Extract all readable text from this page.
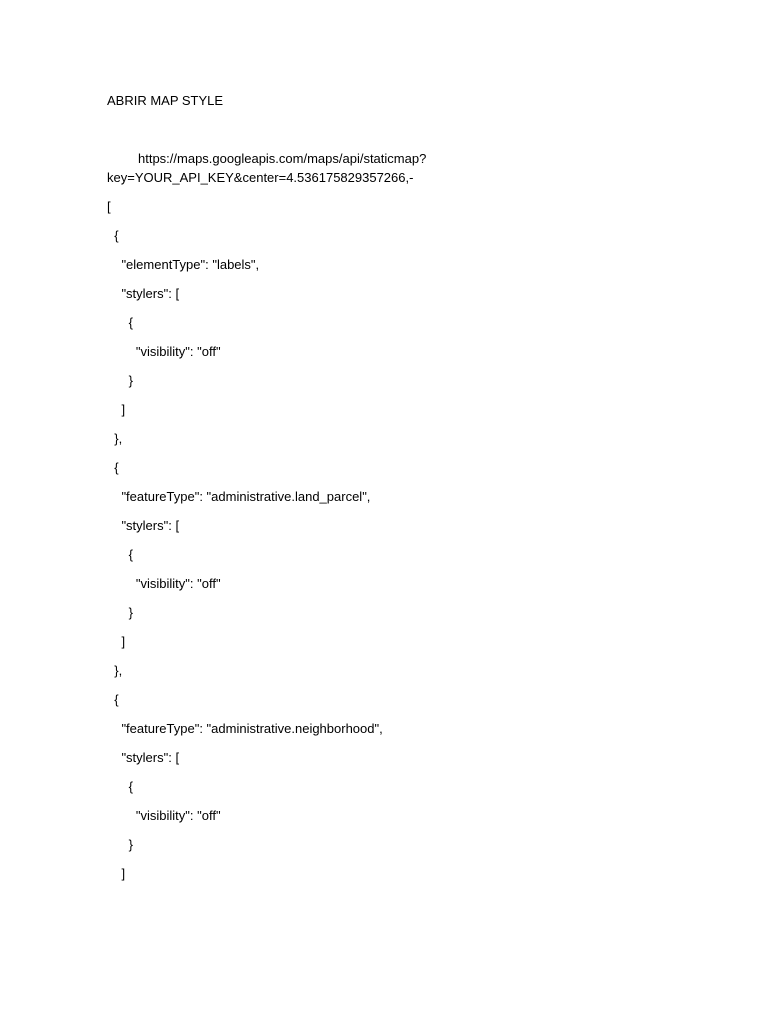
ABRIR MAP STYLE
https://maps.googleapis.com/maps/api/staticmap?
key=YOUR_API_KEY&center=4.536175829357266,-
[
{
"elementType": "labels",
"stylers": [
{
"visibility": "off"
}
]
},
{
"featureType": "administrative.land_parcel",
"stylers": [
{
"visibility": "off"
}
]
},
{
"featureType": "administrative.neighborhood",
"stylers": [
{
"visibility": "off"
}
]
